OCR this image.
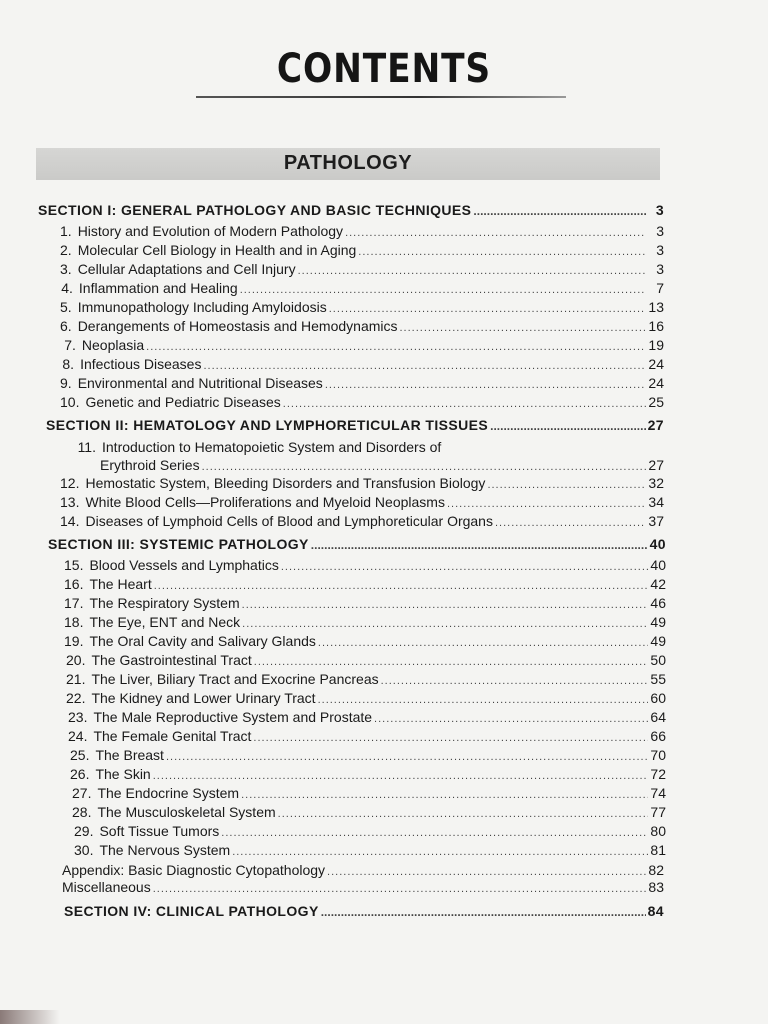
CONTENTS
PATHOLOGY
SECTION I: GENERAL PATHOLOGY AND BASIC TECHNIQUES .....	3
1. History and Evolution of Modern Pathology .....	3
2. Molecular Cell Biology in Health and in Aging .....	3
3. Cellular Adaptations and Cell Injury .....	3
4. Inflammation and Healing .....	7
5. Immunopathology Including Amyloidosis .....	13
6. Derangements of Homeostasis and Hemodynamics .....	16
7. Neoplasia .....	19
8. Infectious Diseases .....	24
9. Environmental and Nutritional Diseases .....	24
10. Genetic and Pediatric Diseases .....	25
SECTION II: HEMATOLOGY AND LYMPHORETICULAR TISSUES .....	27
11. Introduction to Hematopoietic System and Disorders of
Erythroid Series .....	27
12. Hemostatic System, Bleeding Disorders and Transfusion Biology .....	32
13. White Blood Cells—Proliferations and Myeloid Neoplasms .....	34
14. Diseases of Lymphoid Cells of Blood and Lymphoreticular Organs .....	37
SECTION III: SYSTEMIC PATHOLOGY .....	40
15. Blood Vessels and Lymphatics .....	40
16. The Heart .....	42
17. The Respiratory System .....	46
18. The Eye, ENT and Neck .....	49
19. The Oral Cavity and Salivary Glands .....	49
20. The Gastrointestinal Tract .....	50
21. The Liver, Biliary Tract and Exocrine Pancreas .....	55
22. The Kidney and Lower Urinary Tract .....	60
23. The Male Reproductive System and Prostate .....	64
24. The Female Genital Tract .....	66
25. The Breast .....	70
26. The Skin .....	72
27. The Endocrine System .....	74
28. The Musculoskeletal System .....	77
29. Soft Tissue Tumors .....	80
30. The Nervous System .....	81
Appendix: Basic Diagnostic Cytopathology .....	82
Miscellaneous .....	83
SECTION IV: CLINICAL PATHOLOGY .....	84
